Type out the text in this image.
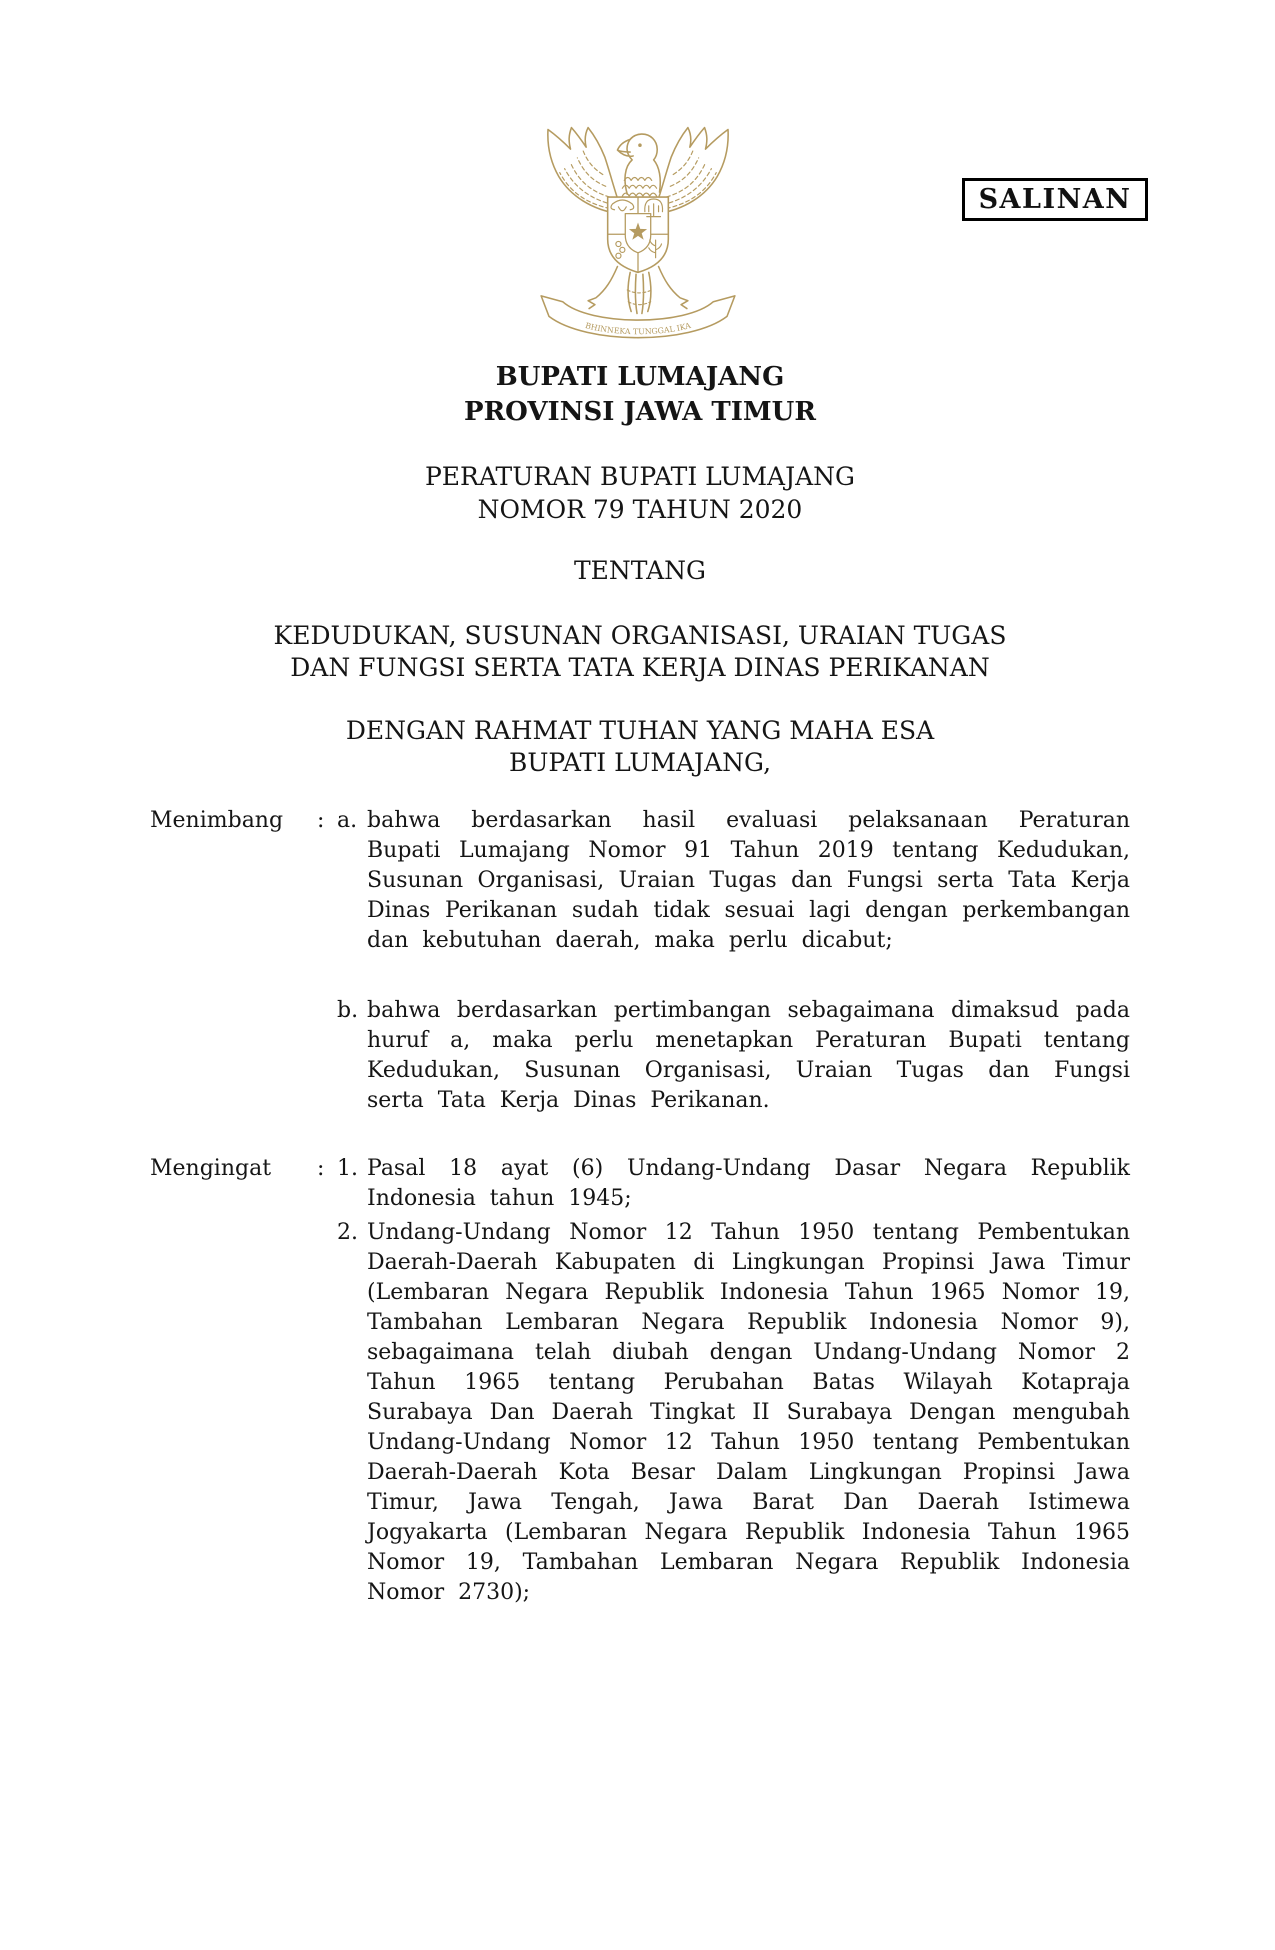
BHINNEKA TUNGGAL IKA
SALINAN
BUPATI LUMAJANG
PROVINSI JAWA TIMUR
PERATURAN BUPATI LUMAJANG
NOMOR 79 TAHUN 2020
TENTANG
KEDUDUKAN, SUSUNAN ORGANISASI, URAIAN TUGAS
DAN FUNGSI SERTA TATA KERJA DINAS PERIKANAN
DENGAN RAHMAT TUHAN YANG MAHA ESA
BUPATI LUMAJANG,
Menimbang	: a. bahwa berdasarkan hasil evaluasi pelaksanaan Peraturan Bupati Lumajang Nomor 91 Tahun 2019 tentang Kedudukan, Susunan Organisasi, Uraian Tugas dan Fungsi serta Tata Kerja Dinas Perikanan sudah tidak sesuai lagi dengan perkembangan dan kebutuhan daerah, maka perlu dicabut;
b. bahwa berdasarkan pertimbangan sebagaimana dimaksud pada huruf a, maka perlu menetapkan Peraturan Bupati tentang Kedudukan, Susunan Organisasi, Uraian Tugas dan Fungsi serta Tata Kerja Dinas Perikanan.
Mengingat	: 1. Pasal 18 ayat (6) Undang-Undang Dasar Negara Republik Indonesia tahun 1945;
2. Undang-Undang Nomor 12 Tahun 1950 tentang Pembentukan Daerah-Daerah Kabupaten di Lingkungan Propinsi Jawa Timur (Lembaran Negara Republik Indonesia Tahun 1965 Nomor 19, Tambahan Lembaran Negara Republik Indonesia Nomor 9), sebagaimana telah diubah dengan Undang-Undang Nomor 2 Tahun 1965 tentang Perubahan Batas Wilayah Kotapraja Surabaya Dan Daerah Tingkat II Surabaya Dengan mengubah Undang-Undang Nomor 12 Tahun 1950 tentang Pembentukan Daerah-Daerah Kota Besar Dalam Lingkungan Propinsi Jawa Timur, Jawa Tengah, Jawa Barat Dan Daerah Istimewa Jogyakarta (Lembaran Negara Republik Indonesia Tahun 1965 Nomor 19, Tambahan Lembaran Negara Republik Indonesia Nomor 2730);
